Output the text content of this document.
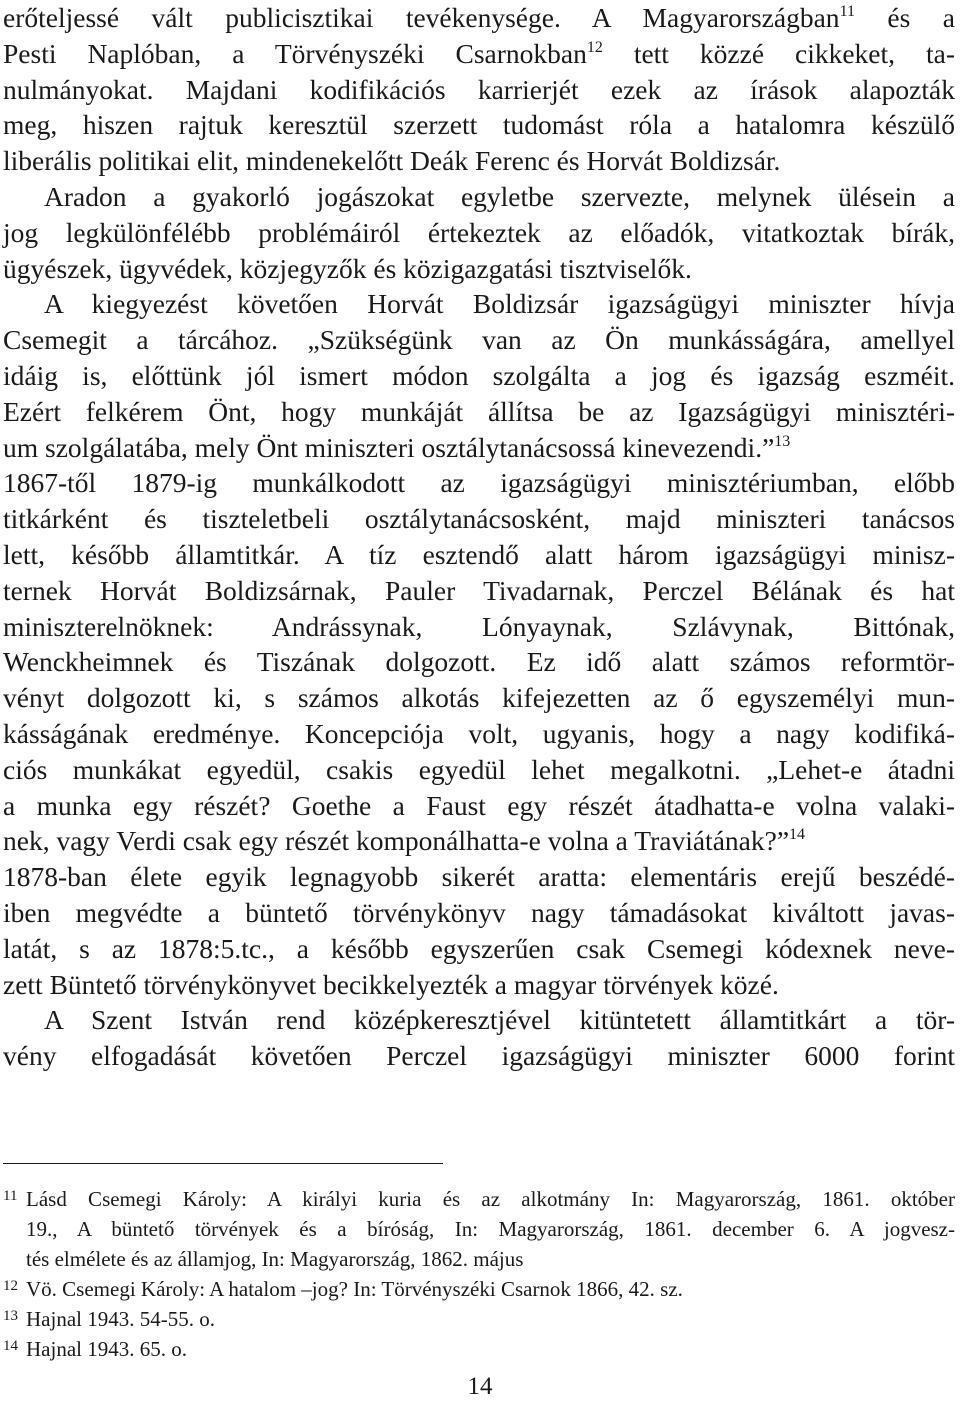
erőteljessé vált publicisztikai tevékenysége. A Magyarországban$^{11}$ és a
Pesti Naplóban, a Törvényszéki Csarnokban$^{12}$ tett közzé cikkeket, ta-
nulmányokat. Majdani kodifikációs karrierjét ezek az írások alapozták
meg, hiszen rajtuk keresztül szerzett tudomást róla a hatalomra készülő
liberális politikai elit, mindenekelőtt Deák Ferenc és Horvát Boldizsár.
Aradon a gyakorló jogászokat egyletbe szervezte, melynek ülésein a
jog legkülönfélébb problémáiról értekeztek az előadók, vitatkoztak bírák,
ügyészek, ügyvédek, közjegyzők és közigazgatási tisztviselők.
A kiegyezést követően Horvát Boldizsár igazságügyi miniszter hívja
Csemegit a tárcához. „Szükségünk van az Ön munkásságára, amellyel
idáig is, előttünk jól ismert módon szolgálta a jog és igazság eszméit.
Ezért felkérem Önt, hogy munkáját állítsa be az Igazságügyi minisztéri-
um szolgálatába, mely Önt miniszteri osztálytanácsossá kinevezendi.”$^{13}$
1867-től 1879-ig munkálkodott az igazságügyi minisztériumban, előbb
titkárként és tiszteletbeli osztálytanácsosként, majd miniszteri tanácsos
lett, később államtitkár. A tíz esztendő alatt három igazságügyi minisz-
ternek Horvát Boldizsárnak, Pauler Tivadarnak, Perczel Bélának és hat
miniszterelnöknek: Andrássynak, Lónyaynak, Szlávynak, Bittónak,
Wenckheimnek és Tiszának dolgozott. Ez idő alatt számos reformtör-
vényt dolgozott ki, s számos alkotás kifejezetten az ő egyszemélyi mun-
kásságának eredménye. Koncepciója volt, ugyanis, hogy a nagy kodifiká-
ciós munkákat egyedül, csakis egyedül lehet megalkotni. „Lehet-e átadni
a munka egy részét? Goethe a Faust egy részét átadhatta-e volna valaki-
nek, vagy Verdi csak egy részét komponálhatta-e volna a Traviátának?”$^{14}$
1878-ban élete egyik legnagyobb sikerét aratta: elementáris erejű beszédé-
iben megvédte a büntető törvénykönyv nagy támadásokat kiváltott javas-
latát, s az 1878:5.tc., a később egyszerűen csak Csemegi kódexnek neve-
zett Büntető törvénykönyvet becikkelyezték a magyar törvények közé.
A Szent István rend középkeresztjével kitüntetett államtitkárt a tör-
vény elfogadását követően Perczel igazságügyi miniszter 6000 forint
11 Lásd Csemegi Károly: A királyi kuria és az alkotmány In: Magyarország, 1861. október
19., A büntető törvények és a bíróság, In: Magyarország, 1861. december 6. A jogvesz-
tés elmélete és az államjog, In: Magyarország, 1862. május
12 Vö. Csemegi Károly: A hatalom –jog? In: Törvényszéki Csarnok 1866, 42. sz.
13 Hajnal 1943. 54-55. o.
14 Hajnal 1943. 65. o.
14
